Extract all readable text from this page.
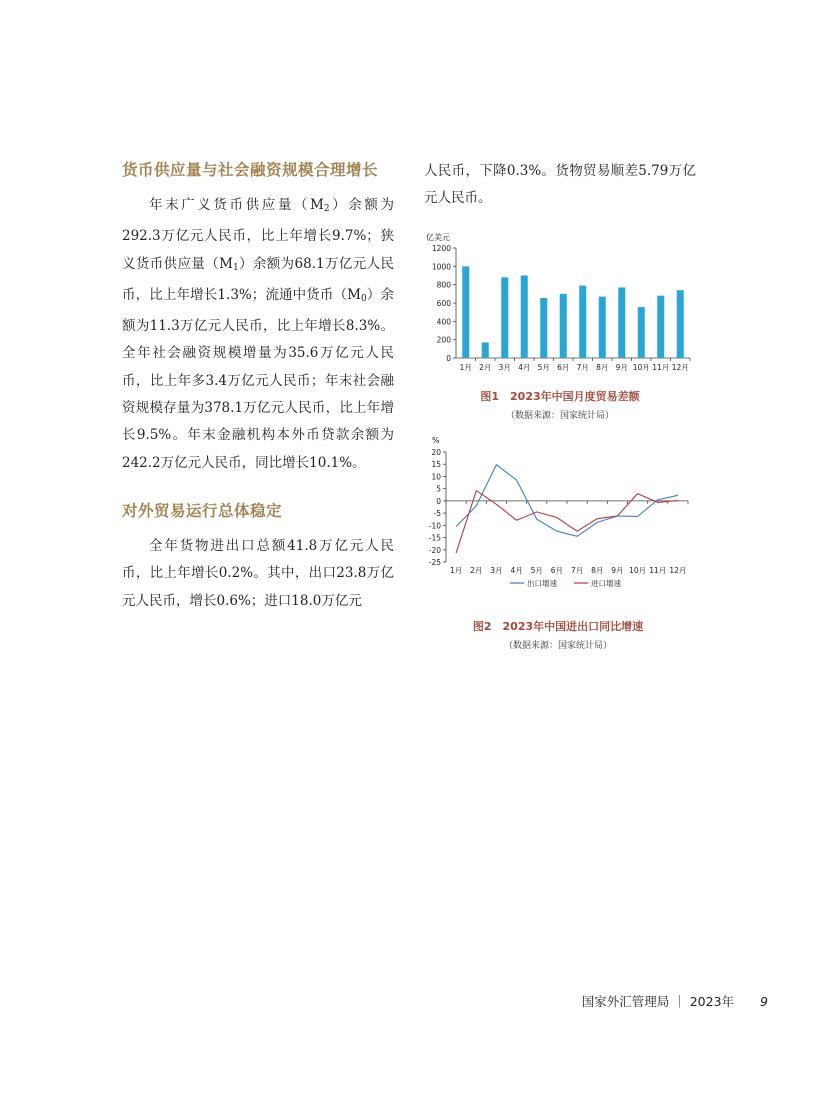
货币供应量与社会融资规模合理增长

年末广义货币供应量$(M_2)$余额为292.3万亿元人民币，比上年增长9.7%；狭义货币供应量$(M_1)$余额为68.1万亿元人民币，比上年增长1.3%；流通中货币$(M_0)$余额为11.3万亿元人民币，比上年增长8.3%。全年社会融资规模增量为35.6万亿元人民币，比上年多3.4万亿元人民币；年末社会融资规模存量为378.1万亿元人民币，比上年增长9.5%。年末金融机构本外币贷款余额为242.2万亿元人民币，同比增长10.1%。

对外贸易运行总体稳定

全年货物进出口总额41.8万亿元人民币，比上年增长0.2%。其中，出口23.8万亿元人民币，增长0.6%；进口18.0万亿元

人民币，下降0.3%。货物贸易顺差5.79万亿元人民币。

亿美元
0
200
400
600
800
1000
1200
1月 2月 3月 4月 5月 6月 7月 8月 9月 10月 11月 12月
图1　2023年中国月度贸易差额
（数据来源：国家统计局）
%
-25
-20
-15
-10
-5
0
5
10
15
20
1月 2月 3月 4月 5月 6月 7月 8月 9月 10月 11月 12月
出口增速	进口增速
图2　2023年中国进出口同比增速
（数据来源：国家统计局）
国家外汇管理局 ｜ 2023年 9
